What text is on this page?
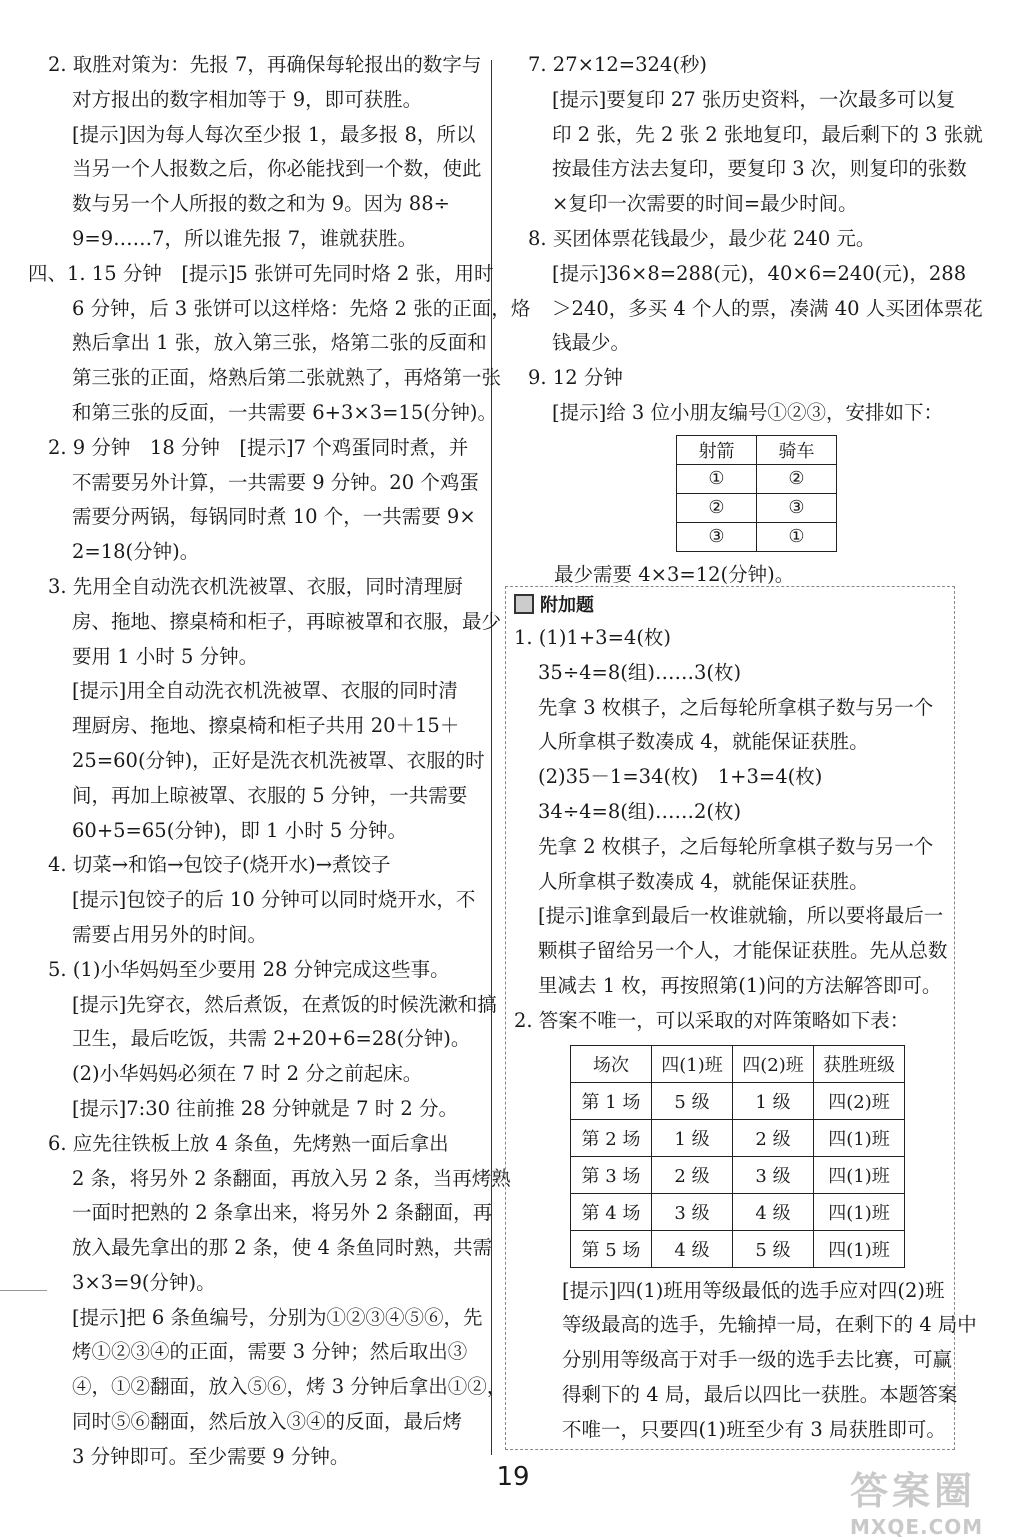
2. 取胜对策为：先报 7，再确保每轮报出的数字与

对方报出的数字相加等于 9，即可获胜。

[提示]因为每人每次至少报 1，最多报 8，所以

当另一个人报数之后，你必能找到一个数，使此

数与另一个人所报的数之和为 9。因为 88÷

9=9……7，所以谁先报 7，谁就获胜。

四、1. 15 分钟　[提示]5 张饼可先同时烙 2 张，用时

6 分钟，后 3 张饼可以这样烙：先烙 2 张的正面，烙

熟后拿出 1 张，放入第三张，烙第二张的反面和

第三张的正面，烙熟后第二张就熟了，再烙第一张

和第三张的反面，一共需要 6+3×3=15(分钟)。

2. 9 分钟　18 分钟　[提示]7 个鸡蛋同时煮，并

不需要另外计算，一共需要 9 分钟。20 个鸡蛋

需要分两锅，每锅同时煮 10 个，一共需要 9×

2=18(分钟)。

3. 先用全自动洗衣机洗被罩、衣服，同时清理厨

房、拖地、擦桌椅和柜子，再晾被罩和衣服，最少

要用 1 小时 5 分钟。

[提示]用全自动洗衣机洗被罩、衣服的同时清

理厨房、拖地、擦桌椅和柜子共用 20＋15＋

25=60(分钟)，正好是洗衣机洗被罩、衣服的时

间，再加上晾被罩、衣服的 5 分钟，一共需要

60+5=65(分钟)，即 1 小时 5 分钟。

4. 切菜→和馅→包饺子(烧开水)→煮饺子

[提示]包饺子的后 10 分钟可以同时烧开水，不

需要占用另外的时间。

5. (1)小华妈妈至少要用 28 分钟完成这些事。

[提示]先穿衣，然后煮饭，在煮饭的时候洗漱和搞

卫生，最后吃饭，共需 2+20+6=28(分钟)。

(2)小华妈妈必须在 7 时 2 分之前起床。

[提示]7:30 往前推 28 分钟就是 7 时 2 分。

6. 应先往铁板上放 4 条鱼，先烤熟一面后拿出

2 条，将另外 2 条翻面，再放入另 2 条，当再烤熟

一面时把熟的 2 条拿出来，将另外 2 条翻面，再

放入最先拿出的那 2 条，使 4 条鱼同时熟，共需

3×3=9(分钟)。

[提示]把 6 条鱼编号，分别为①②③④⑤⑥，先

烤①②③④的正面，需要 3 分钟；然后取出③

④，①②翻面，放入⑤⑥，烤 3 分钟后拿出①②，

同时⑤⑥翻面，然后放入③④的反面，最后烤

3 分钟即可。至少需要 9 分钟。

7. 27×12=324(秒)

[提示]要复印 27 张历史资料，一次最多可以复

印 2 张，先 2 张 2 张地复印，最后剩下的 3 张就

按最佳方法去复印，要复印 3 次，则复印的张数

×复印一次需要的时间=最少时间。

8. 买团体票花钱最少，最少花 240 元。

[提示]36×8=288(元)，40×6=240(元)，288

＞240，多买 4 个人的票，凑满 40 人买团体票花

钱最少。

9. 12 分钟

[提示]给 3 位小朋友编号①②③，安排如下：

射箭	骑车
①	②
②	③
③	①

最少需要 4×3=12(分钟)。

附加题

1. (1)1+3=4(枚)

35÷4=8(组)……3(枚)

先拿 3 枚棋子，之后每轮所拿棋子数与另一个

人所拿棋子数凑成 4，就能保证获胜。

(2)35－1=34(枚)　1+3=4(枚)

34÷4=8(组)……2(枚)

先拿 2 枚棋子，之后每轮所拿棋子数与另一个

人所拿棋子数凑成 4，就能保证获胜。

[提示]谁拿到最后一枚谁就输，所以要将最后一

颗棋子留给另一个人，才能保证获胜。先从总数

里减去 1 枚，再按照第(1)问的方法解答即可。

2. 答案不唯一，可以采取的对阵策略如下表：

场次	四(1)班	四(2)班	获胜班级
第 1 场	5 级	1 级	四(2)班
第 2 场	1 级	2 级	四(1)班
第 3 场	2 级	3 级	四(1)班
第 4 场	3 级	4 级	四(1)班
第 5 场	4 级	5 级	四(1)班

[提示]四(1)班用等级最低的选手应对四(2)班

等级最高的选手，先输掉一局，在剩下的 4 局中

分别用等级高于对手一级的选手去比赛，可赢

得剩下的 4 局，最后以四比一获胜。本题答案

不唯一，只要四(1)班至少有 3 局获胜即可。

19	答案圈
MXQE.COM
